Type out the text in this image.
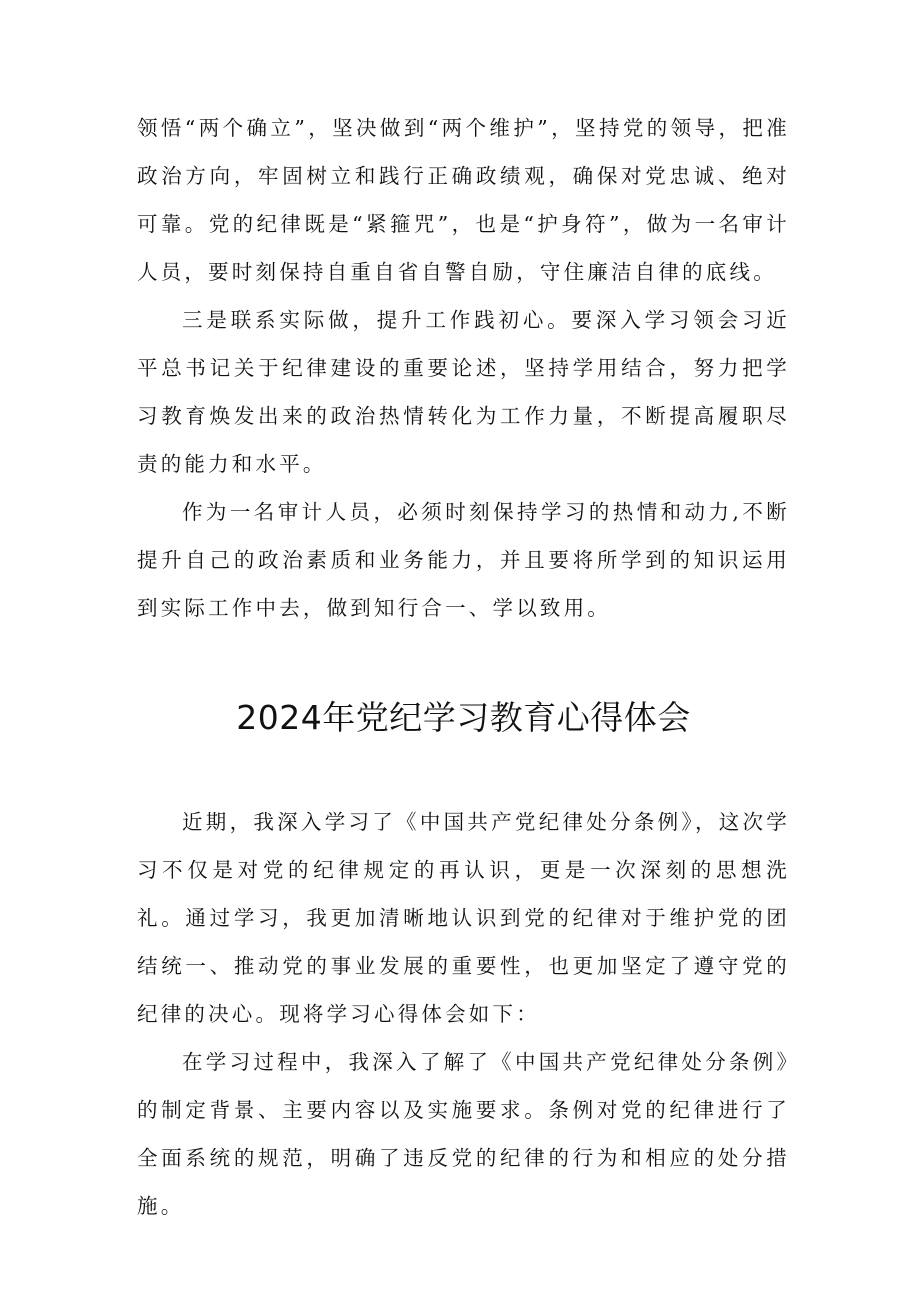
领悟“两个确立”，坚决做到“两个维护”，坚持党的领导，把准政治方向，牢固树立和践行正确政绩观，确保对党忠诚、绝对可靠。党的纪律既是“紧箍咒”，也是“护身符”，做为一名审计人员，要时刻保持自重自省自警自励，守住廉洁自律的底线。

三是联系实际做，提升工作践初心。要深入学习领会习近平总书记关于纪律建设的重要论述，坚持学用结合，努力把学习教育焕发出来的政治热情转化为工作力量，不断提高履职尽责的能力和水平。

作为一名审计人员，必须时刻保持学习的热情和动力,不断提升自己的政治素质和业务能力，并且要将所学到的知识运用到实际工作中去，做到知行合一、学以致用。

2024年党纪学习教育心得体会

近期，我深入学习了《中国共产党纪律处分条例》，这次学习不仅是对党的纪律规定的再认识，更是一次深刻的思想洗礼。通过学习，我更加清晰地认识到党的纪律对于维护党的团结统一、推动党的事业发展的重要性，也更加坚定了遵守党的纪律的决心。现将学习心得体会如下：

在学习过程中，我深入了解了《中国共产党纪律处分条例》的制定背景、主要内容以及实施要求。条例对党的纪律进行了全面系统的规范，明确了违反党的纪律的行为和相应的处分措施。
